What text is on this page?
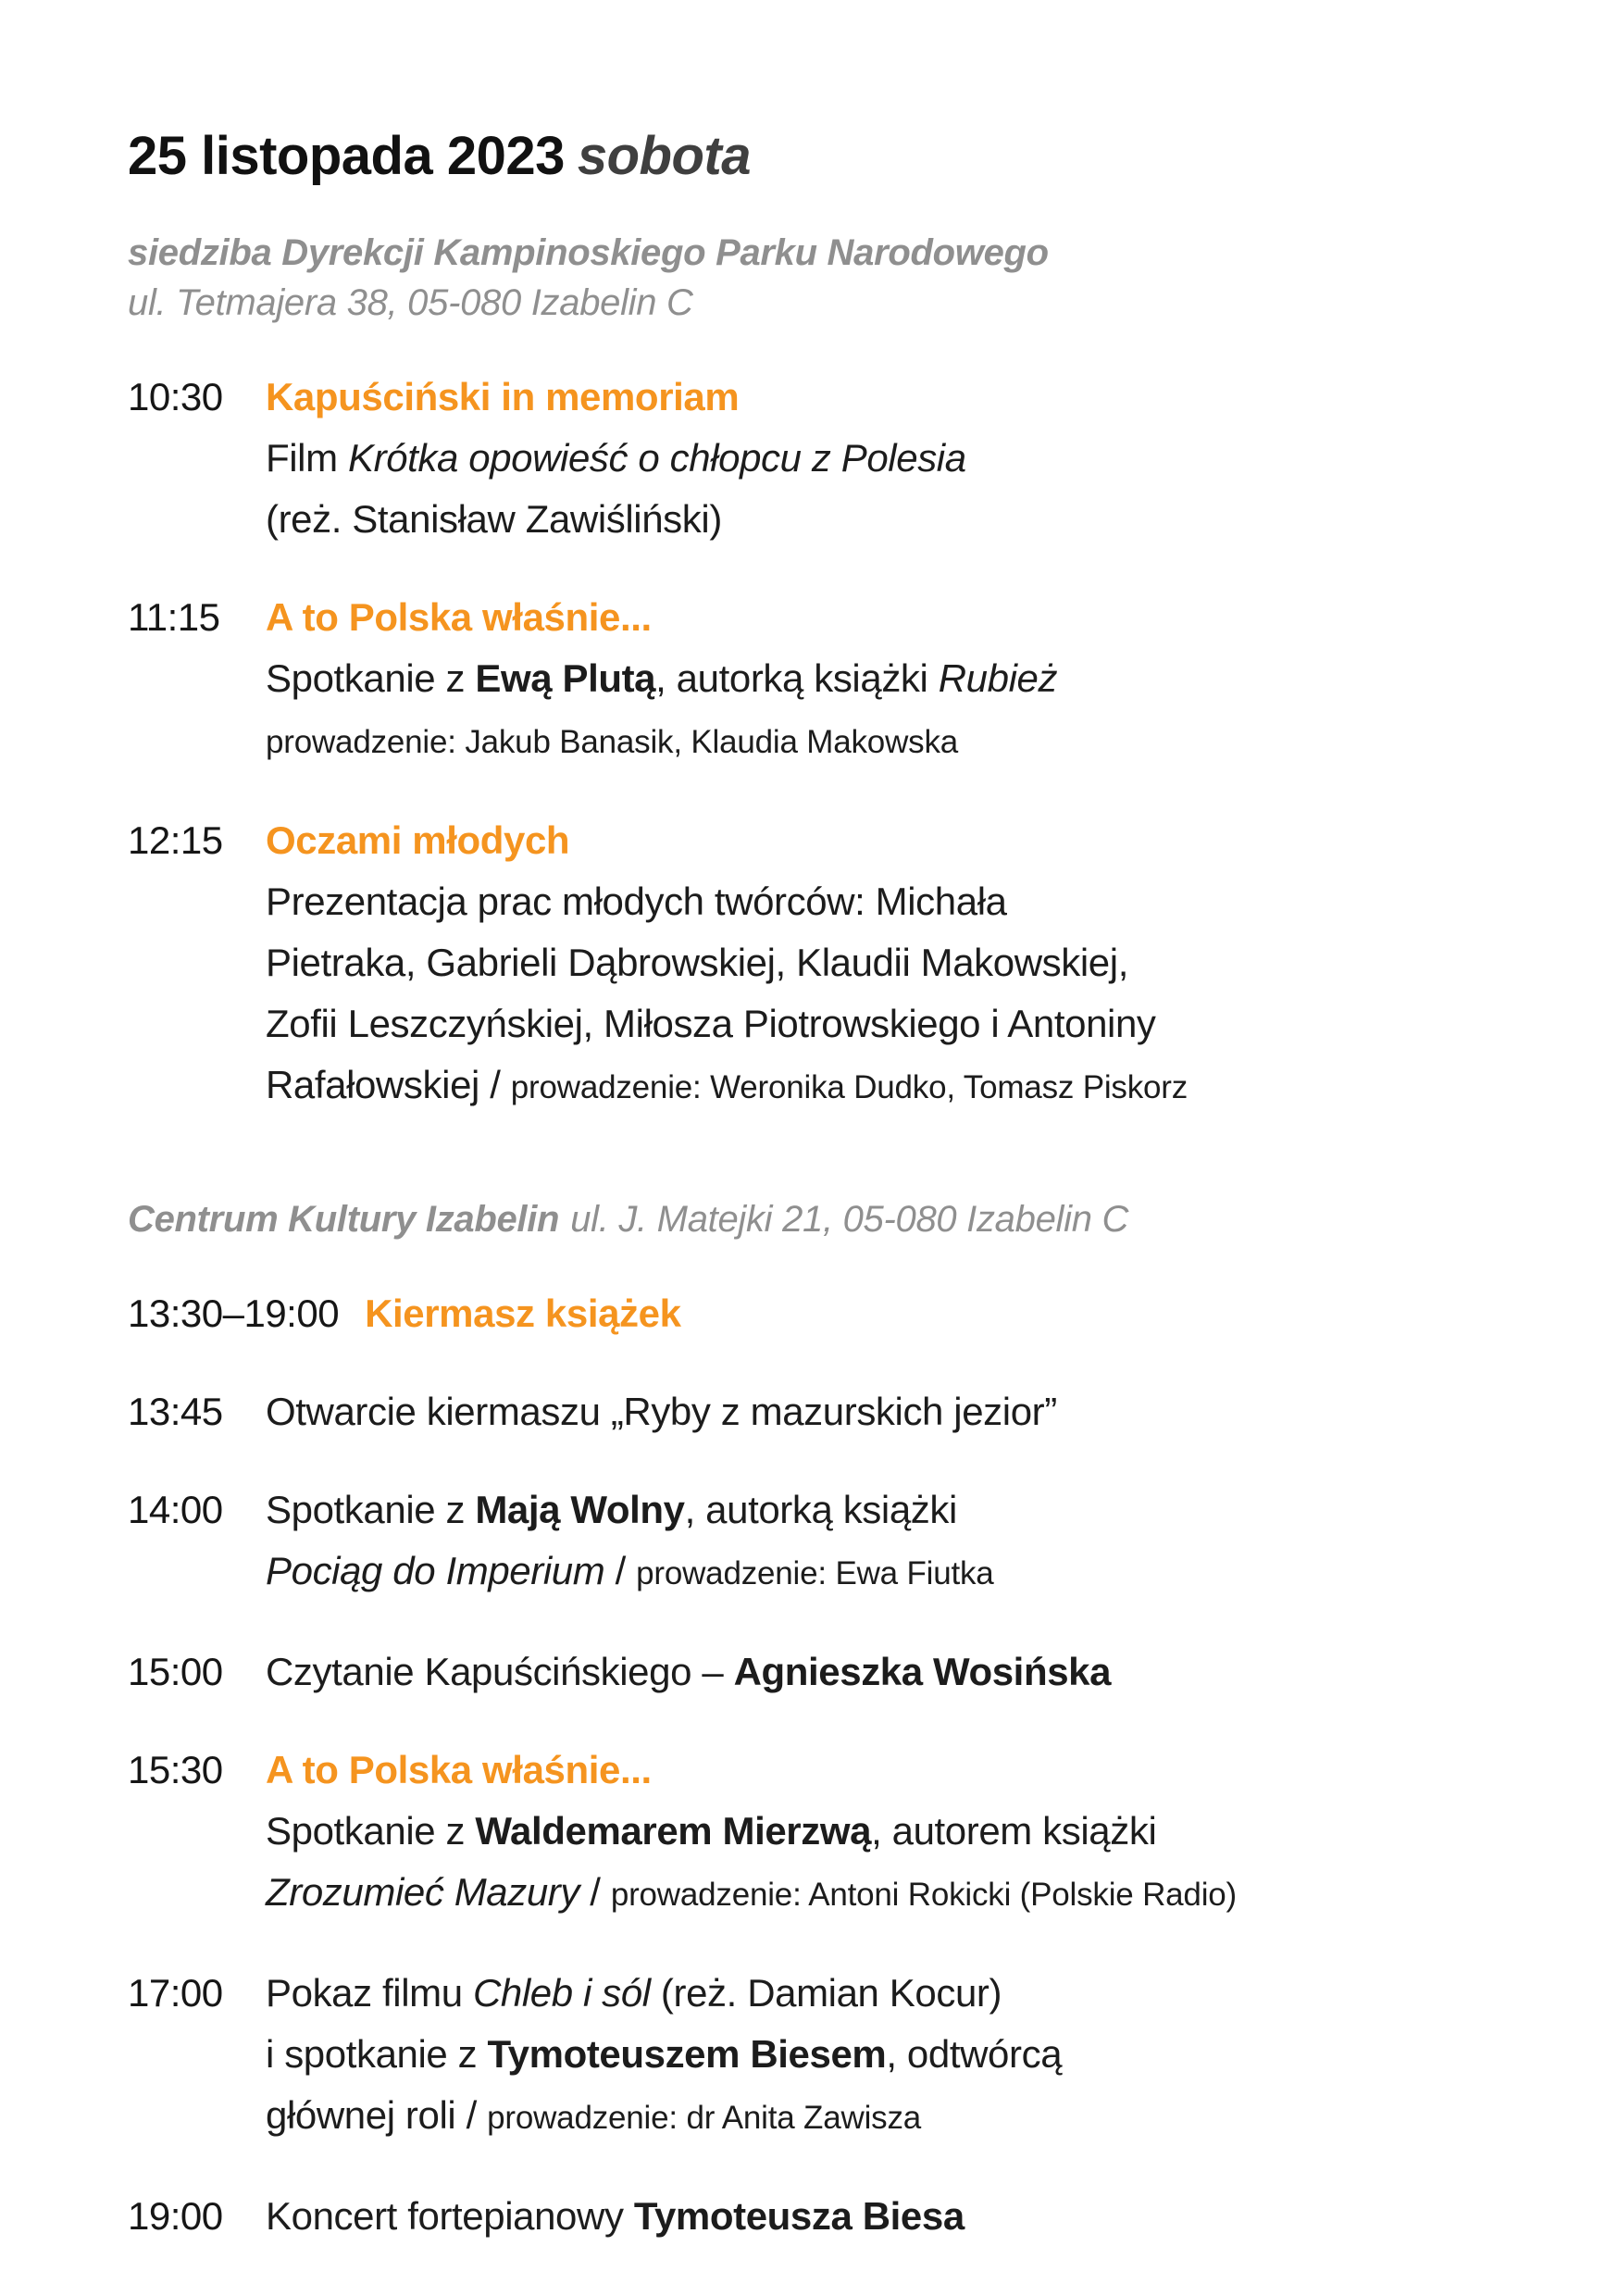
25 listopada 2023 sobota
siedziba Dyrekcji Kampinoskiego Parku Narodowego
ul. Tetmajera 38, 05-080 Izabelin C
10:30	Kapuściński in memoriam
Film Krótka opowieść o chłopcu z Polesia
(reż. Stanisław Zawiśliński)
11:15	A to Polska właśnie...
Spotkanie z Ewą Plutą, autorką książki Rubież
prowadzenie: Jakub Banasik, Klaudia Makowska
12:15	Oczami młodych
Prezentacja prac młodych twórców: Michała
Pietraka, Gabrieli Dąbrowskiej, Klaudii Makowskiej,
Zofii Leszczyńskiej, Miłosza Piotrowskiego i Antoniny
Rafałowskiej / prowadzenie: Weronika Dudko, Tomasz Piskorz
Centrum Kultury Izabelin ul. J. Matejki 21, 05-080 Izabelin C
13:30–19:00 Kiermasz książek
13:45	Otwarcie kiermaszu „Ryby z mazurskich jezior”
14:00	Spotkanie z Mają Wolny, autorką książki
Pociąg do Imperium / prowadzenie: Ewa Fiutka
15:00	Czytanie Kapuścińskiego – Agnieszka Wosińska
15:30	A to Polska właśnie...
Spotkanie z Waldemarem Mierzwą, autorem książki
Zrozumieć Mazury / prowadzenie: Antoni Rokicki (Polskie Radio)
17:00	Pokaz filmu Chleb i sól (reż. Damian Kocur)
i spotkanie z Tymoteuszem Biesem, odtwórcą
głównej roli / prowadzenie: dr Anita Zawisza
19:00	Koncert fortepianowy Tymoteusza Biesa
